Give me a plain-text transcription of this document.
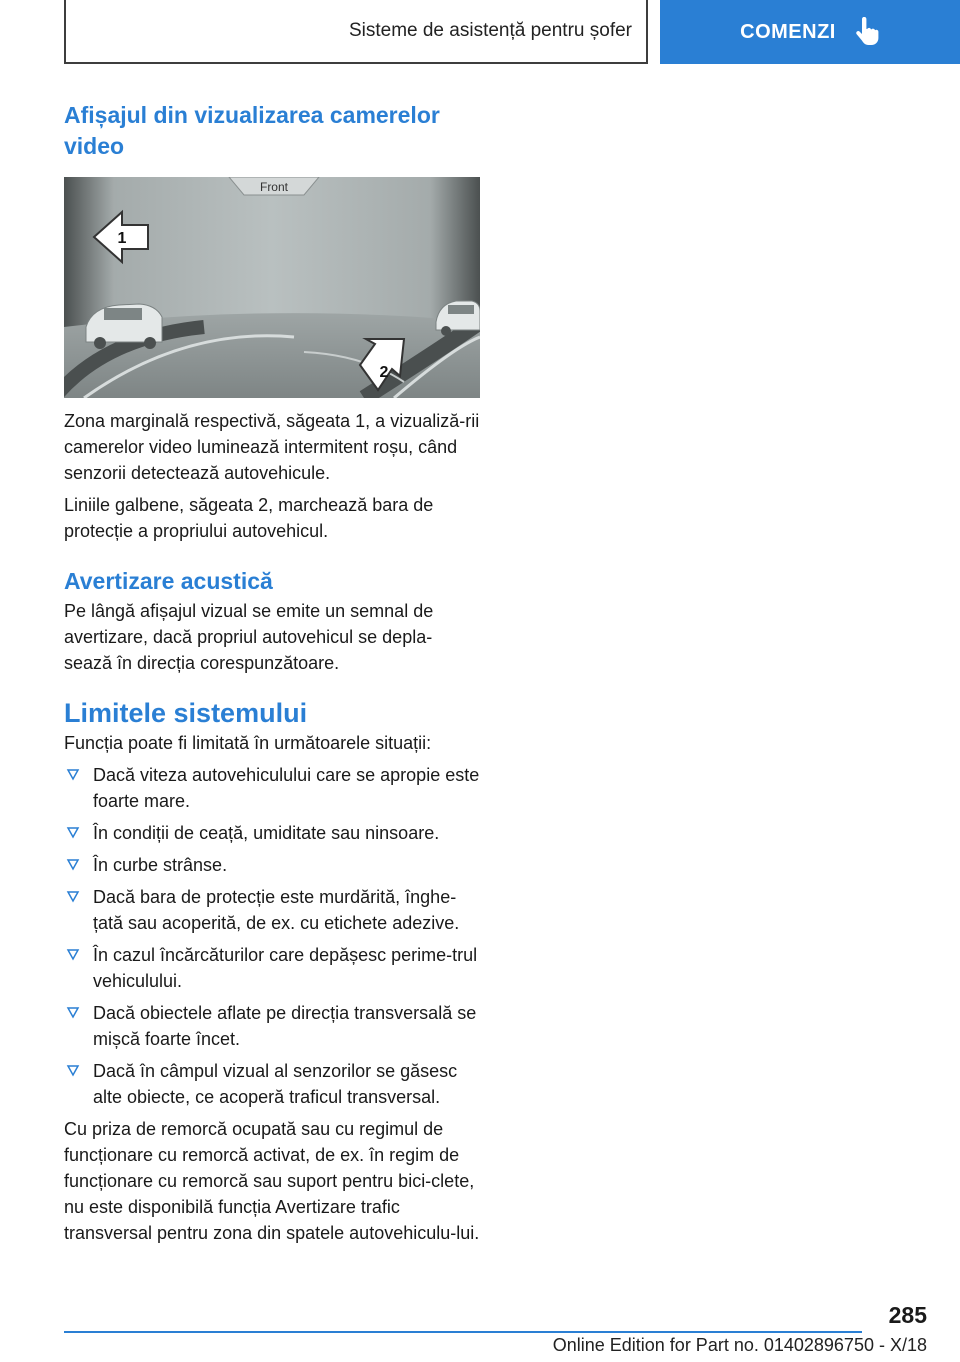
Sisteme de asistență pentru șofer	COMENZI
Afișajul din vizualizarea camerelor video
Front
1
2

Zona marginală respectivă, săgeata 1, a vizualiză-rii camerelor video luminează intermitent roșu, când senzorii detectează autovehicule.

Liniile galbene, săgeata 2, marchează bara de protecție a propriului autovehicul.

Avertizare acustică

Pe lângă afișajul vizual se emite un semnal de avertizare, dacă propriul autovehicul se depla-sează în direcția corespunzătoare.

Limitele sistemului

Funcția poate fi limitată în următoarele situații:

Dacă viteza autovehiculului care se apropie este foarte mare.
În condiții de ceață, umiditate sau ninsoare.
În curbe strânse.
Dacă bara de protecție este murdărită, înghe-țată sau acoperită, de ex. cu etichete adezive.
În cazul încărcăturilor care depășesc perime-trul vehiculului.
Dacă obiectele aflate pe direcția transversală se mișcă foarte încet.
Dacă în câmpul vizual al senzorilor se găsesc alte obiecte, ce acoperă traficul transversal.

Cu priza de remorcă ocupată sau cu regimul de funcționare cu remorcă activat, de ex. în regim de funcționare cu remorcă sau suport pentru bici-clete, nu este disponibilă funcția Avertizare trafic transversal pentru zona din spatele autovehiculu-lui.

285
Online Edition for Part no. 01402896750 - X/18
